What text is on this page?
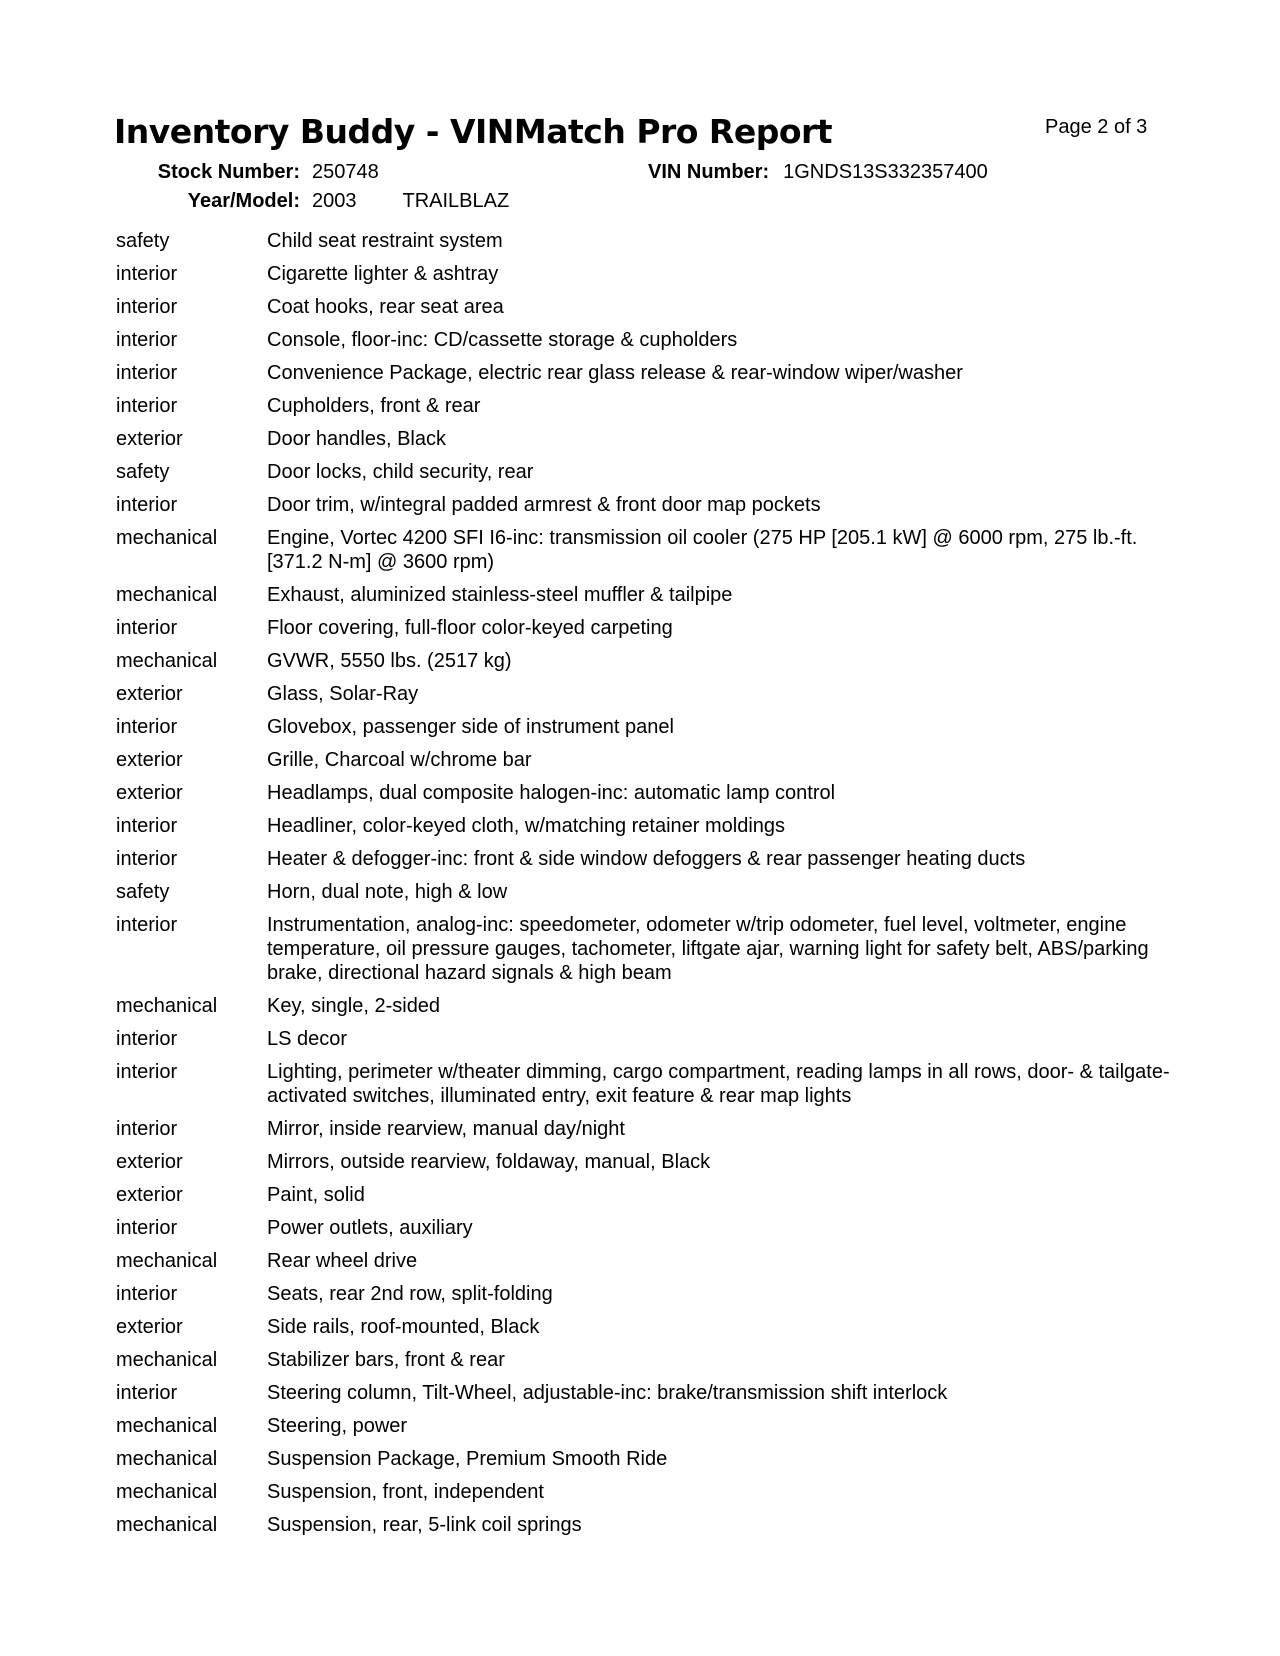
Inventory Buddy - VINMatch Pro Report	Page 2 of 3
Stock Number: 250748	VIN Number: 1GNDS13S332357400
Year/Model: 2003 TRAILBLAZ
safety	Child seat restraint system
interior	Cigarette lighter & ashtray
interior	Coat hooks, rear seat area
interior	Console, floor-inc: CD/cassette storage & cupholders
interior	Convenience Package, electric rear glass release & rear-window wiper/washer
interior	Cupholders, front & rear
exterior	Door handles, Black
safety	Door locks, child security, rear
interior	Door trim, w/integral padded armrest & front door map pockets
mechanical	Engine, Vortec 4200 SFI I6-inc: transmission oil cooler (275 HP [205.1 kW] @ 6000 rpm, 275 lb.-ft. [371.2 N-m] @ 3600 rpm)
mechanical	Exhaust, aluminized stainless-steel muffler & tailpipe
interior	Floor covering, full-floor color-keyed carpeting
mechanical	GVWR, 5550 lbs. (2517 kg)
exterior	Glass, Solar-Ray
interior	Glovebox, passenger side of instrument panel
exterior	Grille, Charcoal w/chrome bar
exterior	Headlamps, dual composite halogen-inc: automatic lamp control
interior	Headliner, color-keyed cloth, w/matching retainer moldings
interior	Heater & defogger-inc: front & side window defoggers & rear passenger heating ducts
safety	Horn, dual note, high & low
interior	Instrumentation, analog-inc: speedometer, odometer w/trip odometer, fuel level, voltmeter, engine temperature, oil pressure gauges, tachometer, liftgate ajar, warning light for safety belt, ABS/parking brake, directional hazard signals & high beam
mechanical	Key, single, 2-sided
interior	LS decor
interior	Lighting, perimeter w/theater dimming, cargo compartment, reading lamps in all rows, door- & tailgate-activated switches, illuminated entry, exit feature & rear map lights
interior	Mirror, inside rearview, manual day/night
exterior	Mirrors, outside rearview, foldaway, manual, Black
exterior	Paint, solid
interior	Power outlets, auxiliary
mechanical	Rear wheel drive
interior	Seats, rear 2nd row, split-folding
exterior	Side rails, roof-mounted, Black
mechanical	Stabilizer bars, front & rear
interior	Steering column, Tilt-Wheel, adjustable-inc: brake/transmission shift interlock
mechanical	Steering, power
mechanical	Suspension Package, Premium Smooth Ride
mechanical	Suspension, front, independent
mechanical	Suspension, rear, 5-link coil springs
